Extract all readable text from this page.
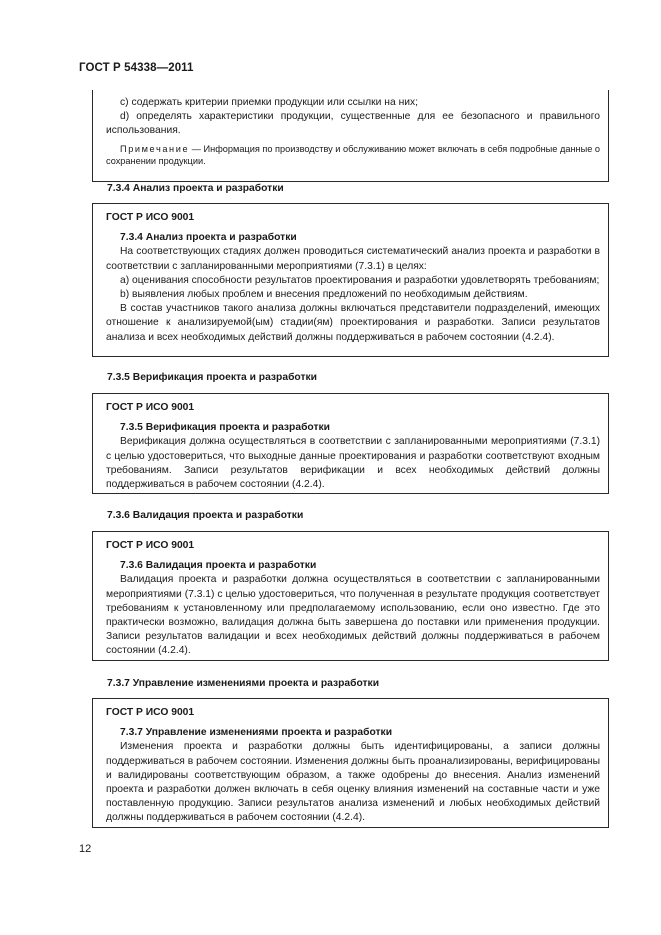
ГОСТ Р 54338—2011

c) содержать критерии приемки продукции или ссылки на них;

d) определять характеристики продукции, существенные для ее безопасного и правильного использования.

Примечание — Информация по производству и обслуживанию может включать в себя подробные данные о сохранении продукции.

7.3.4 Анализ проекта и разработки

ГОСТ Р ИСО 9001

7.3.4 Анализ проекта и разработки

На соответствующих стадиях должен проводиться систематический анализ проекта и разработки в соответствии с запланированными мероприятиями (7.3.1) в целях:

a) оценивания способности результатов проектирования и разработки удовлетворять требованиям;

b) выявления любых проблем и внесения предложений по необходимым действиям.

В состав участников такого анализа должны включаться представители подразделений, имеющих отношение к анализируемой(ым) стадии(ям) проектирования и разработки. Записи результатов анализа и всех необходимых действий должны поддерживаться в рабочем состоянии (4.2.4).

7.3.5 Верификация проекта и разработки

ГОСТ Р ИСО 9001

7.3.5 Верификация проекта и разработки

Верификация должна осуществляться в соответствии с запланированными мероприятиями (7.3.1) с целью удостовериться, что выходные данные проектирования и разработки соответствуют входным требованиям. Записи результатов верификации и всех необходимых действий должны поддерживаться в рабочем состоянии (4.2.4).

7.3.6 Валидация проекта и разработки

ГОСТ Р ИСО 9001

7.3.6 Валидация проекта и разработки

Валидация проекта и разработки должна осуществляться в соответствии с запланированными мероприятиями (7.3.1) с целью удостовериться, что полученная в результате продукция соответствует требованиям к установленному или предполагаемому использованию, если оно известно. Где это практически возможно, валидация должна быть завершена до поставки или применения продукции. Записи результатов валидации и всех необходимых действий должны поддерживаться в рабочем состоянии (4.2.4).

7.3.7 Управление изменениями проекта и разработки

ГОСТ Р ИСО 9001

7.3.7 Управление изменениями проекта и разработки

Изменения проекта и разработки должны быть идентифицированы, а записи должны поддерживаться в рабочем состоянии. Изменения должны быть проанализированы, верифицированы и валидированы соответствующим образом, а также одобрены до внесения. Анализ изменений проекта и разработки должен включать в себя оценку влияния изменений на составные части и уже поставленную продукцию. Записи результатов анализа изменений и любых необходимых действий должны поддерживаться в рабочем состоянии (4.2.4).

12
